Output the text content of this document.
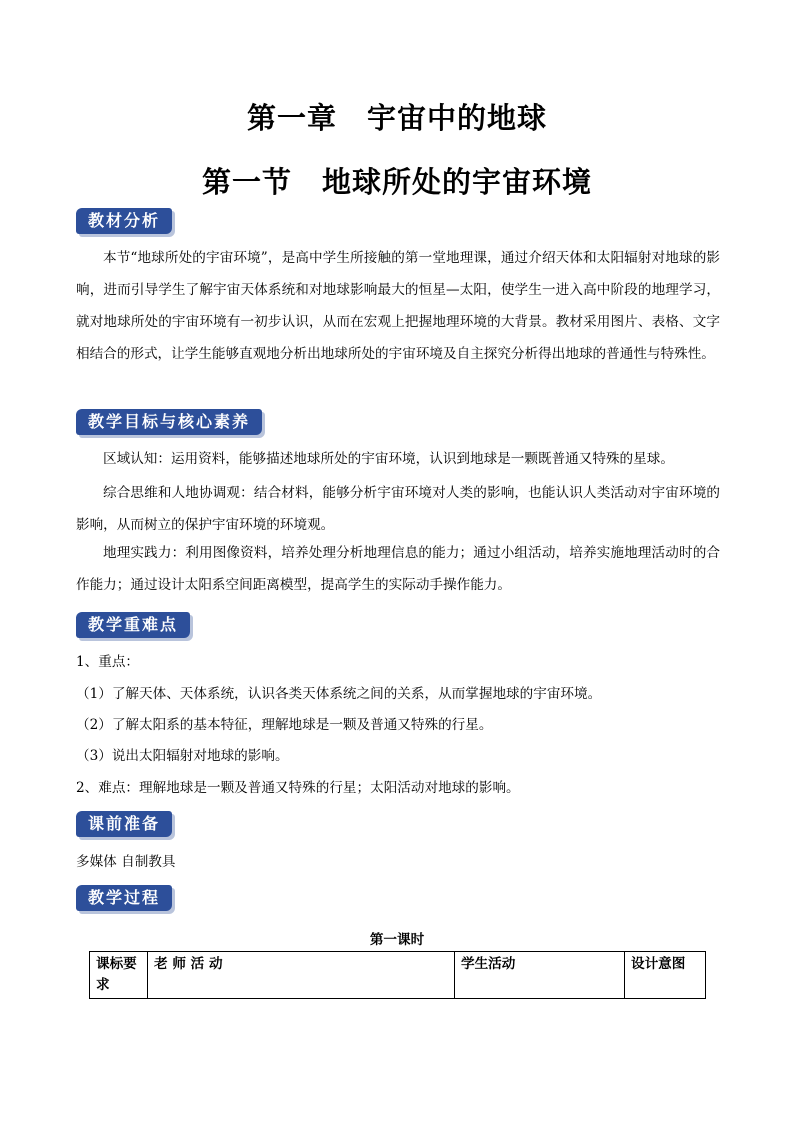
第一章 宇宙中的地球
第一节 地球所处的宇宙环境
教材分析

本节“地球所处的宇宙环境”，是高中学生所接触的第一堂地理课，通过介绍天体和太阳辐射对地球的影响，进而引导学生了解宇宙天体系统和对地球影响最大的恒星—太阳，使学生一进入高中阶段的地理学习，就对地球所处的宇宙环境有一初步认识，从而在宏观上把握地理环境的大背景。教材采用图片、表格、文字相结合的形式，让学生能够直观地分析出地球所处的宇宙环境及自主探究分析得出地球的普通性与特殊性。

教学目标与核心素养

区域认知：运用资料，能够描述地球所处的宇宙环境，认识到地球是一颗既普通又特殊的星球。

综合思维和人地协调观：结合材料，能够分析宇宙环境对人类的影响，也能认识人类活动对宇宙环境的影响，从而树立的保护宇宙环境的环境观。

地理实践力：利用图像资料，培养处理分析地理信息的能力；通过小组活动，培养实施地理活动时的合作能力；通过设计太阳系空间距离模型，提高学生的实际动手操作能力。

教学重难点
1、重点：
（1）了解天体、天体系统，认识各类天体系统之间的关系，从而掌握地球的宇宙环境。
（2）了解太阳系的基本特征，理解地球是一颗及普通又特殊的行星。
（3）说出太阳辐射对地球的影响。
2、难点：理解地球是一颗及普通又特殊的行星；太阳活动对地球的影响。
课前准备
多媒体 自制教具
教学过程
第一课时
课标要求	老 师 活 动	学生活动	设计意图
